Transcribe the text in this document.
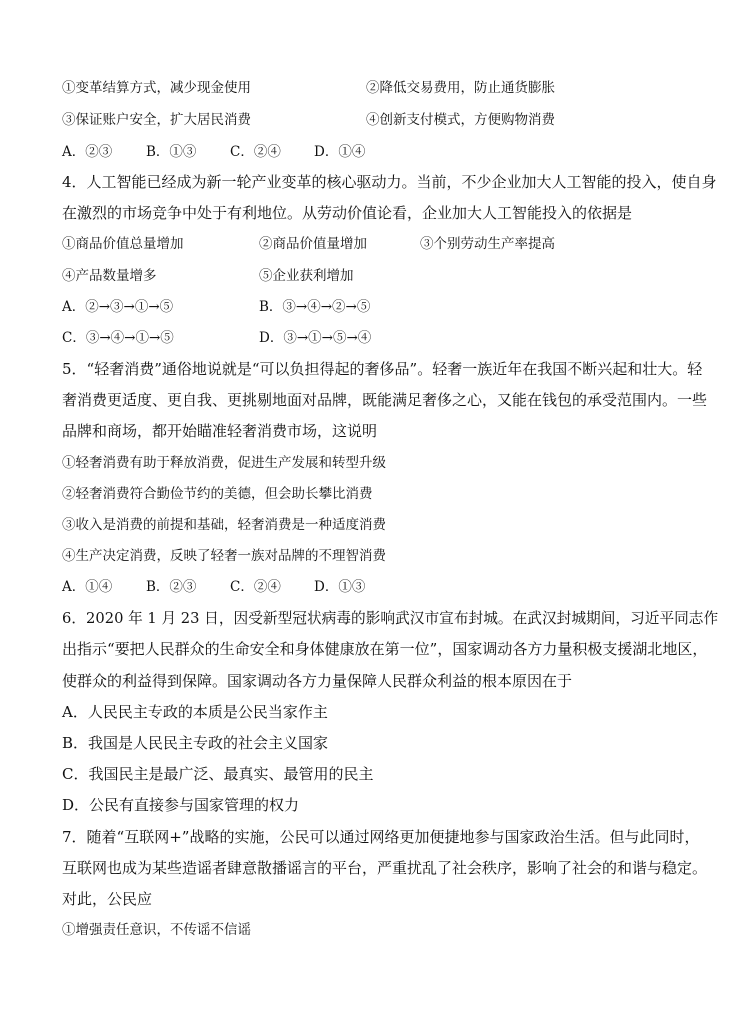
①变革结算方式，减少现金使用	②降低交易费用，防止通货膨胀
③保证账户安全，扩大居民消费	④创新支付模式，方便购物消费
A．②③	B．①③ C．②④ D．①④
4．人工智能已经成为新一轮产业变革的核心驱动力。当前，不少企业加大人工智能的投入，使自身
在激烈的市场竞争中处于有利地位。从劳动价值论看，企业加大人工智能投入的依据是
①商品价值总量增加	②商品价值量增加	③个别劳动生产率提高
④产品数量增多	⑤企业获利增加
A．②→③→①→⑤	B．③→④→②→⑤
C．③→④→①→⑤	D．③→①→⑤→④
5．“轻奢消费”通俗地说就是“可以负担得起的奢侈品”。轻奢一族近年在我国不断兴起和壮大。轻
奢消费更适度、更自我、更挑剔地面对品牌，既能满足奢侈之心，又能在钱包的承受范围内。一些
品牌和商场，都开始瞄准轻奢消费市场，这说明
①轻奢消费有助于释放消费，促进生产发展和转型升级
②轻奢消费符合勤俭节约的美德，但会助长攀比消费
③收入是消费的前提和基础，轻奢消费是一种适度消费
④生产决定消费，反映了轻奢一族对品牌的不理智消费
A．①④	B．②③ C．②④ D．①③
6．2020 年 1 月 23 日，因受新型冠状病毒的影响武汉市宣布封城。在武汉封城期间，习近平同志作
出指示“要把人民群众的生命安全和身体健康放在第一位”，国家调动各方力量积极支援湖北地区，
使群众的利益得到保障。国家调动各方力量保障人民群众利益的根本原因在于
A．人民民主专政的本质是公民当家作主
B．我国是人民民主专政的社会主义国家
C．我国民主是最广泛、最真实、最管用的民主
D．公民有直接参与国家管理的权力
7．随着“互联网+”战略的实施，公民可以通过网络更加便捷地参与国家政治生活。但与此同时，
互联网也成为某些造谣者肆意散播谣言的平台，严重扰乱了社会秩序，影响了社会的和谐与稳定。
对此，公民应
①增强责任意识，不传谣不信谣
